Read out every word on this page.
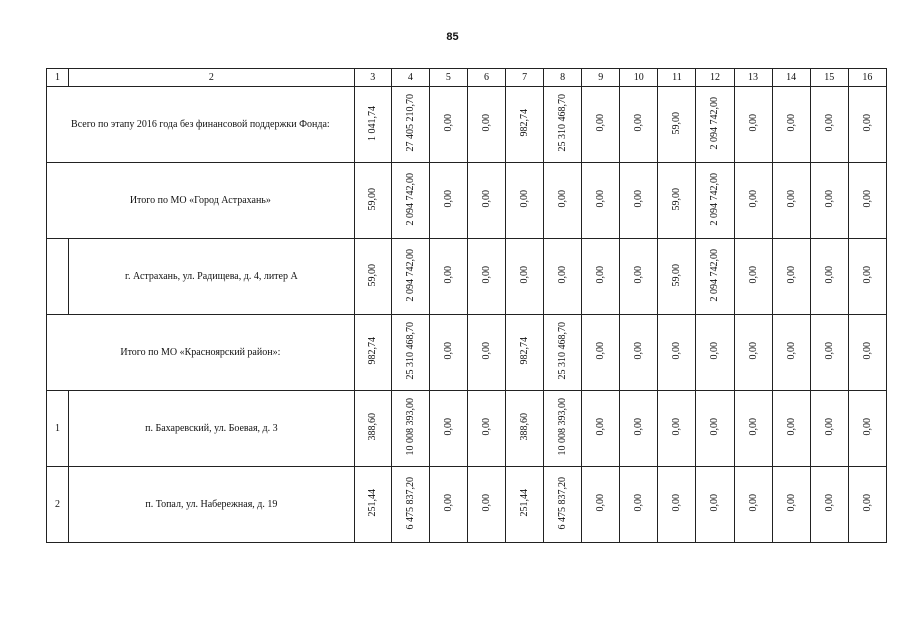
85
1	2	3	4	5	6	7	8	9	10	11	12	13	14	15	16
Всего по этапу 2016 года без финансовой поддержки Фонда:		1 041,74	27 405 210,70	0,00	0,00	982,74	25 310 468,70	0,00	0,00	59,00	2 094 742,00	0,00	0,00	0,00	0,00
Итого по МО «Город Астрахань»		59,00	2 094 742,00	0,00	0,00	0,00	0,00	0,00	0,00	59,00	2 094 742,00	0,00	0,00	0,00	0,00
	г. Астрахань, ул. Радищева, д. 4, литер А	59,00	2 094 742,00	0,00	0,00	0,00	0,00	0,00	0,00	59,00	2 094 742,00	0,00	0,00	0,00	0,00
Итого по МО «Красноярский район»:		982,74	25 310 468,70	0,00	0,00	982,74	25 310 468,70	0,00	0,00	0,00	0,00	0,00	0,00	0,00	0,00
1	п. Бахаревский, ул. Боевая, д. 3	388,60	10 008 393,00	0,00	0,00	388,60	10 008 393,00	0,00	0,00	0,00	0,00	0,00	0,00	0,00	0,00
2	п. Топал, ул. Набережная, д. 19	251,44	6 475 837,20	0,00	0,00	251,44	6 475 837,20	0,00	0,00	0,00	0,00	0,00	0,00	0,00	0,00
